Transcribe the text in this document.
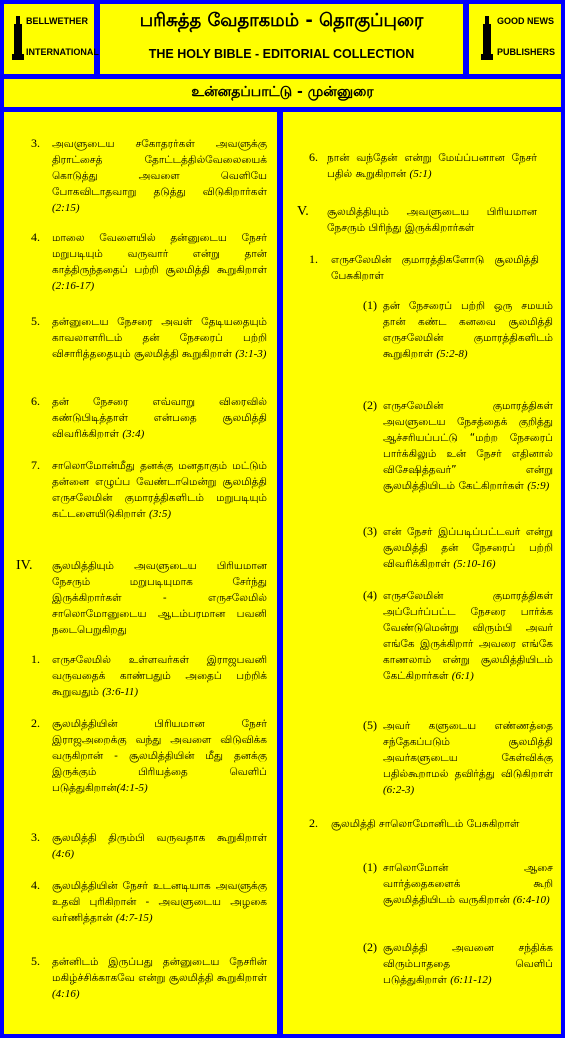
BELLWETHER
INTERNATIONAL
பரிசுத்த வேதாகமம் - தொகுப்புரை
THE HOLY BIBLE - EDITORIAL COLLECTION
GOOD NEWS
PUBLISHERS
உன்னதப்பாட்டு - முன்னுரை
3. அவளுடைய சகோதரர்கள் அவளுக்கு திராட்சைத் தோட்டத்தில்வேலையைக் கொடுத்து அவளை வெளியே போகவிடாதவாறு தடுத்து விடுகிறார்கள் (2:15)
4. மாலை வேளையில் தன்னுடைய நேசர் மறுபடியும் வருவார் என்று தான் காத்திருந்ததைப் பற்றி சூலமித்தி கூறுகிறாள் (2:16-17)
5. தன்னுடைய நேசரை அவள் தேடியதையும் காவலாளரிடம் தன் நேசரைப் பற்றி விசாரித்ததையும் சூலமித்தி கூறுகிறாள் (3:1-3)
6. தன் நேசரை எவ்வாறு விரைவில் கண்டுபிடித்தாள் என்பதை சூலமித்தி விவரிக்கிறாள் (3:4)
7. சாலொமோன்மீது தனக்கு மனதாகும் மட்டும் தன்னை எழுப்ப வேண்டாமென்று சூலமித்தி எருசலேமின் குமாரத்திகளிடம் மறுபடியும் கட்டளையிடுகிறாள் (3:5)
IV. சூலமித்தியும் அவளுடைய பிரியமான நேசரும் மறுபடியுமாக சேர்ந்து இருக்கிறார்கள் - எருசலேமில் சாலொமோனுடைய ஆடம்பரமான பவனி நடைபெறுகிறது
1. எருசலேமில் உள்ளவர்கள் இராஜபவனி வருவதைக் காண்பதும் அதைப் பற்றிக் கூறுவதும் (3:6-11)
2. சூலமித்தியின் பிரியமான நேசர் இராஜஅறைக்கு வந்து அவளை விடுவிக்க வருகிறான் - சூலமித்தியின் மீது தனக்கு இருக்கும் பிரியத்தை வெளிப் படுத்துகிறான்(4:1-5)
3. சூலமித்தி திரும்பி வருவதாக கூறுகிறாள் (4:6)
4. சூலமித்தியின் நேசர் உடனடியாக அவளுக்கு உதவி புரிகிறான் - அவளுடைய அழகை வர்ணித்தான் (4:7-15)
5. தன்னிடம் இருப்பது தன்னுடைய நேசரின் மகிழ்ச்சிக்காகவே என்று சூலமித்தி கூறுகிறாள் (4:16)
6. நான் வந்தேன் என்று மேய்ப்பனான நேசர் பதில் கூறுகிறான் (5:1)
V. சூலமித்தியும் அவளுடைய பிரியமான நேசரும் பிரிந்து இருக்கிறார்கள்
1. எருசலேமின் குமாரத்திகளோடு சூலமித்தி பேசுகிறாள்
(1) தன் நேசரைப் பற்றி ஒரு சமயம் தான் கண்ட கனவை சூலமித்தி எருசலேமின் குமாரத்திகளிடம் கூறுகிறாள் (5:2-8)
(2) எருசலேமின் குமாரத்திகள் அவளுடைய நேசத்தைக் குறித்து ஆச்சரியப்பட்டு “மற்ற நேசரைப் பார்க்கிலும் உன் நேசர் எதினால் விசேஷித்தவர்” என்று சூலமித்தியிடம் கேட்கிறார்கள் (5:9)
(3) என் நேசர் இப்படிப்பட்டவர் என்று சூலமித்தி தன் நேசரைப் பற்றி விவரிக்கிறாள் (5:10-16)
(4) எருசலேமின் குமாரத்திகள் அப்பேர்ப்பட்ட நேசரை பார்க்க வேண்டுமென்று விரும்பி அவர் எங்கே இருக்கிறார் அவரை எங்கே காணலாம் என்று சூலமித்தியிடம் கேட்கிறார்கள் (6:1)
(5) அவர் களுடைய எண்ணத்தை சந்தேகப்படும் சூலமித்தி அவர்களுடைய கேள்விக்கு பதில்கூறாமல் தவிர்த்து விடுகிறாள் (6:2-3)
2. சூலமித்தி சாலொமோனிடம் பேசுகிறாள்
(1) சாலொமோன் ஆசை வார்த்தைகளைக் கூறி சூலமித்தியிடம் வருகிறான் (6:4-10)
(2) சூலமித்தி அவனை சந்திக்க விரும்பாததை வெளிப் படுத்துகிறாள் (6:11-12)
